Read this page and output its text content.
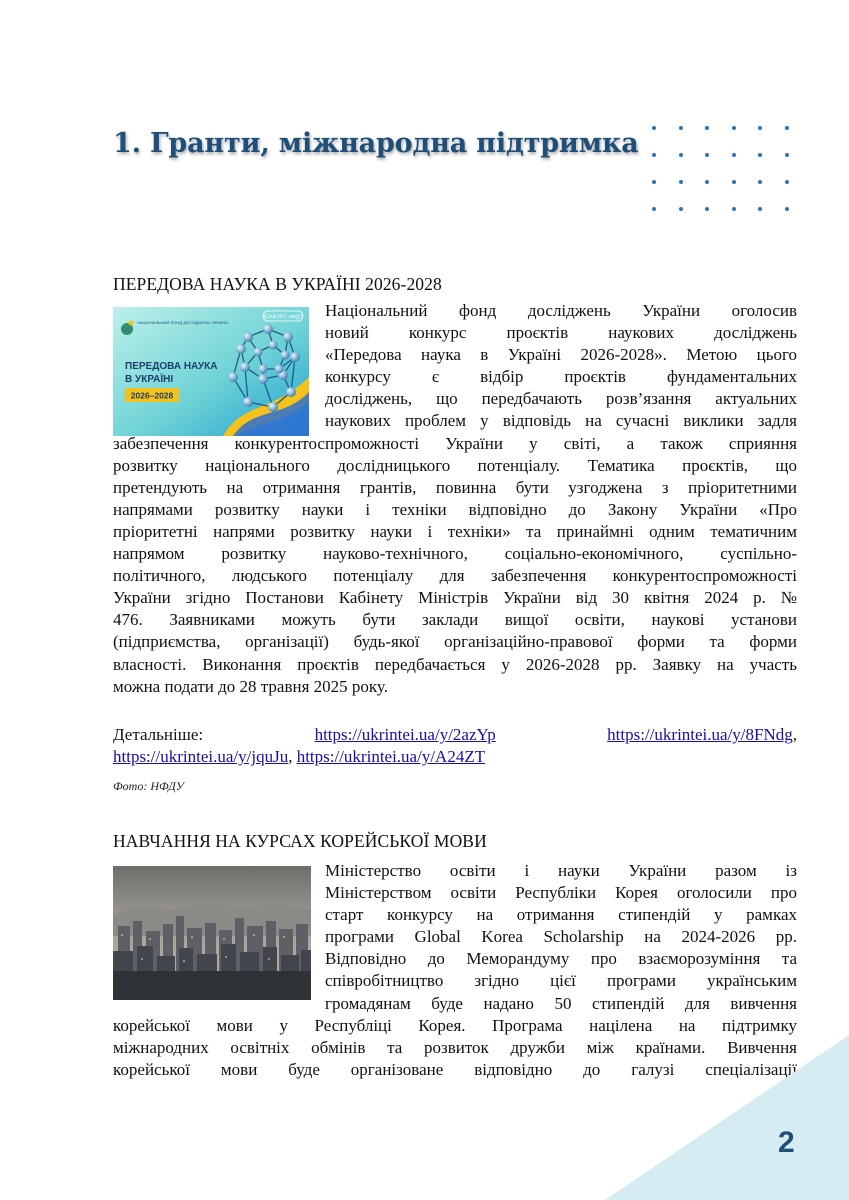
1. Гранти, міжнародна підтримка
ПЕРЕДОВА НАУКА В УКРАЇНІ 2026-2028
НАЦІОНАЛЬНИЙ ФОНД ДОСЛІДЖЕНЬ УКРАЇНИ
КОНКУРС НФДУ
ПЕРЕДОВА НАУКА
В УКРАЇНІ
2026–2028
Національний фонд досліджень України оголосив
новий конкурс проєктів наукових досліджень
«Передова наука в Україні 2026-2028». Метою цього
конкурсу є відбір проєктів фундаментальних
досліджень, що передбачають розв’язання актуальних
наукових проблем у відповідь на сучасні виклики задля
забезпечення конкурентоспроможності України у світі, а також сприяння
розвитку національного дослідницького потенціалу. Тематика проєктів, що
претендують на отримання грантів, повинна бути узгоджена з пріоритетними
напрямами розвитку науки і техніки відповідно до Закону України «Про
пріоритетні напрями розвитку науки і техніки» та принаймні одним тематичним
напрямом розвитку науково-технічного, соціально-економічного, суспільно-
політичного, людського потенціалу для забезпечення конкурентоспроможності
України згідно Постанови Кабінету Міністрів України від 30 квітня 2024 р. №
476. Заявниками можуть бути заклади вищої освіти, наукові установи
(підприємства, організації) будь-якої організаційно-правової форми та форми
власності. Виконання проєктів передбачається у 2026-2028 рр. Заявку на участь
можна подати до 28 травня 2025 року.
Детальніше:	https://ukrintei.ua/y/2azYp	https://ukrintei.ua/y/8FNdg,
https://ukrintei.ua/y/jquJu, https://ukrintei.ua/y/A24ZT

Фото: НФДУ

НАВЧАННЯ НА КУРСАХ КОРЕЙСЬКОЇ МОВИ
Міністерство освіти і науки України разом із
Міністерством освіти Республіки Корея оголосили про
старт конкурсу на отримання стипендій у рамках
програми Global Korea Scholarship на 2024-2026 рр.
Відповідно до Меморандуму про взаєморозуміння та
співробітництво згідно цієї програми українським
громадянам буде надано 50 стипендій для вивчення
корейської мови у Республіці Корея. Програма націлена на підтримку
міжнародних освітніх обмінів та розвиток дружби між країнами. Вивчення
корейської мови буде організоване відповідно до галузі спеціалізації

2
